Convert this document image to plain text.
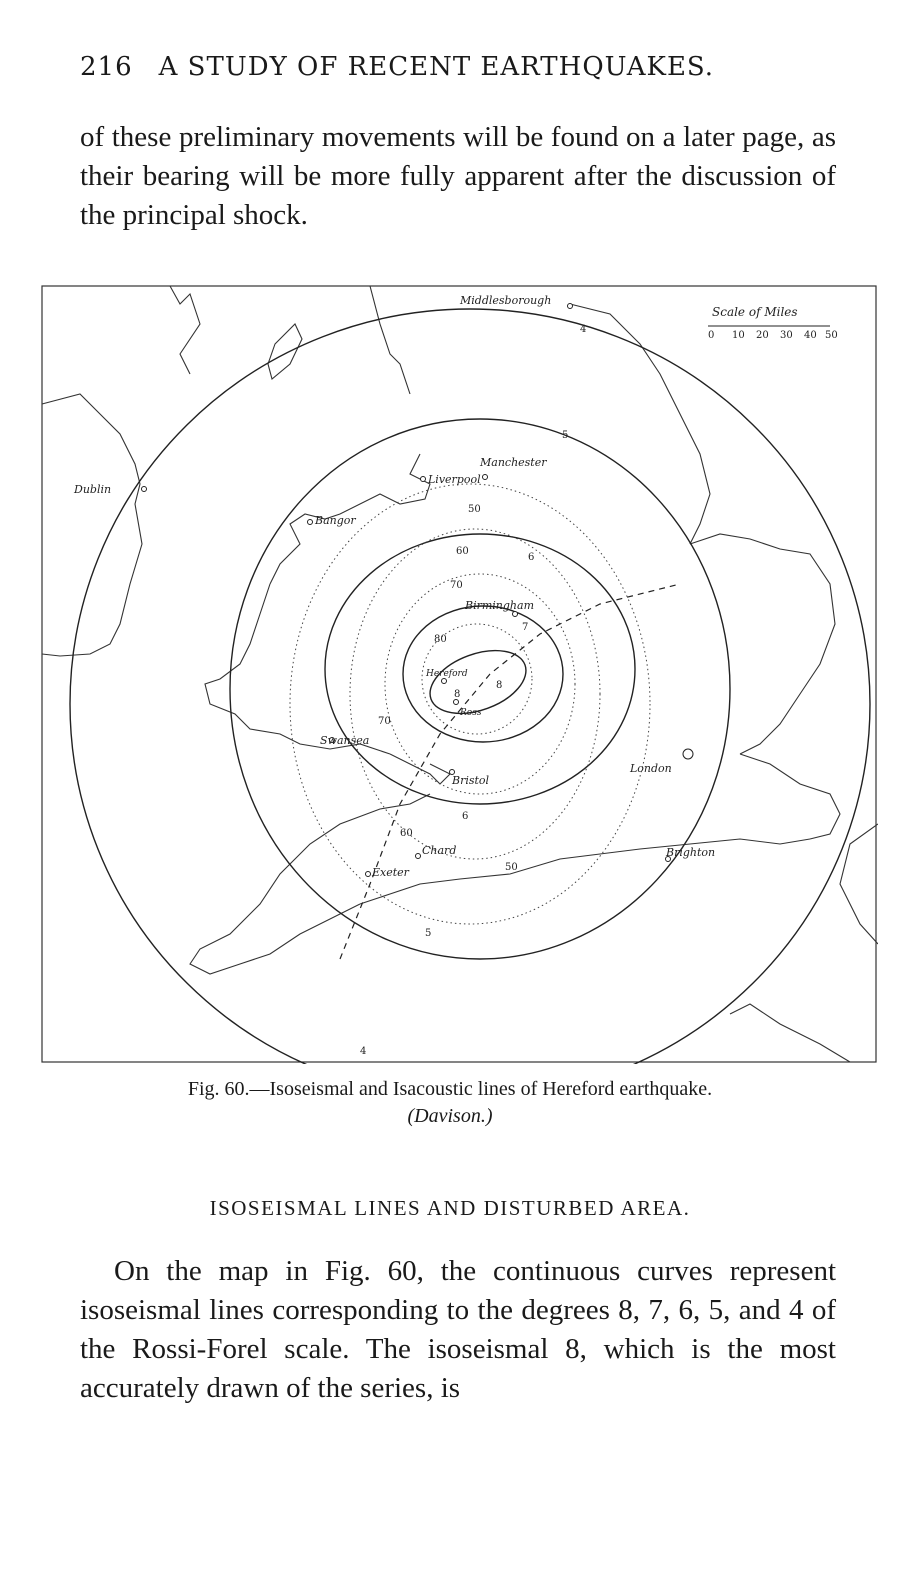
216 A STUDY OF RECENT EARTHQUAKES.

of these preliminary movements will be found on a later page, as their bearing will be more fully apparent after the discussion of the principal shock.

Scale of Miles
0 10 20 30 40 50
Middlesborough
Dublin
Manchester
Liverpool
Bangor
Birmingham
Hereford
Ross
Swansea
Bristol
London
Chard
Exeter
Brighton
4
4
5
5
6
6
7
8
8
50
50
60
60
70
70
80
Fig. 60.—Isoseismal and Isacoustic lines of Hereford earthquake.
(Davison.)
ISOSEISMAL LINES AND DISTURBED AREA.

On the map in Fig. 60, the continuous curves represent isoseismal lines corresponding to the degrees 8, 7, 6, 5, and 4 of the Rossi-Forel scale. The isoseismal 8, which is the most accurately drawn of the series, is
